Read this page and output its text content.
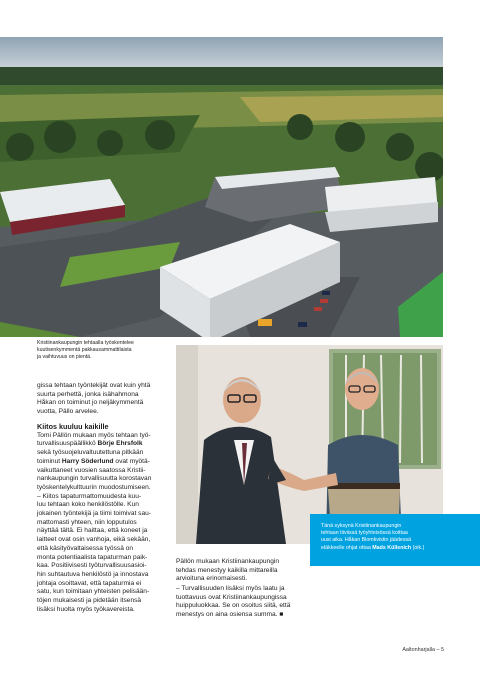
Kristiinankaupungin tehtaalla työskentelee

kuutisenkymmentä pakkausammattilaista

ja vaihtuvuus on pientä.

gissa tehtaan työntekijät ovat kuin yhtä

suurta perhettä, jonka isähahmona

Håkan on toiminut jo neljäkymmentä

vuotta, Pällo arvelee.

Kiitos kuuluu kaikille

Tomi Pällön mukaan myös tehtaan työ-

turvallisuuspäällikkö Börje Ehrsfolk

sekä työsuojeluvaltuutettuna pitkään

toiminut Harry Söderlund ovat myötä-

vaikuttaneet vuosien saatossa Kristii-

nankaupungin turvallisuutta korostavan

työskentelykulttuurin muodostumiseen.

– Kiitos tapaturmattomuudesta kuu-

luu tehtaan koko henkilöstölle. Kun

jokainen työntekijä ja tiimi toimivat sau-

mattomasti yhteen, niin lopputulos

näyttää tältä. Ei haittaa, että koneet ja

laitteet ovat osin vanhoja, eikä sekään,

että käsityövaltaisessa työssä on

monta potentiaalista tapaturman paik-

kaa. Positiivisesti työturvallisuusasioi-

hin suhtautuva henkilöstö ja innostava

johtaja osoittavat, että tapaturmia ei

satu, kun toimitaan yhteisten pelisään-

töjen mukaisesti ja pidetään itsensä

lisäksi huolta myös työkavereista.

Tänä syksynä Kristiinankaupungin

tehtaan tiiviissä työyhteisössä koittaa

uusi aika. Håkan Blomkvistin jäädessä

eläkkeelle ohjat ottaa Mads Küllenich (oik.)

Pällön mukaan Kristiinankaupungin

tehdas menestyy kaikilla mittareilla

arvioituna erinomaisesti.

– Turvallisuuden lisäksi myös laatu ja

tuottavuus ovat Kristiinankaupungissa

huippuluokkaa. Se on osoitus siitä, että

menestys on aina osiensa summa. ■

Aaltonharjalla – 5
